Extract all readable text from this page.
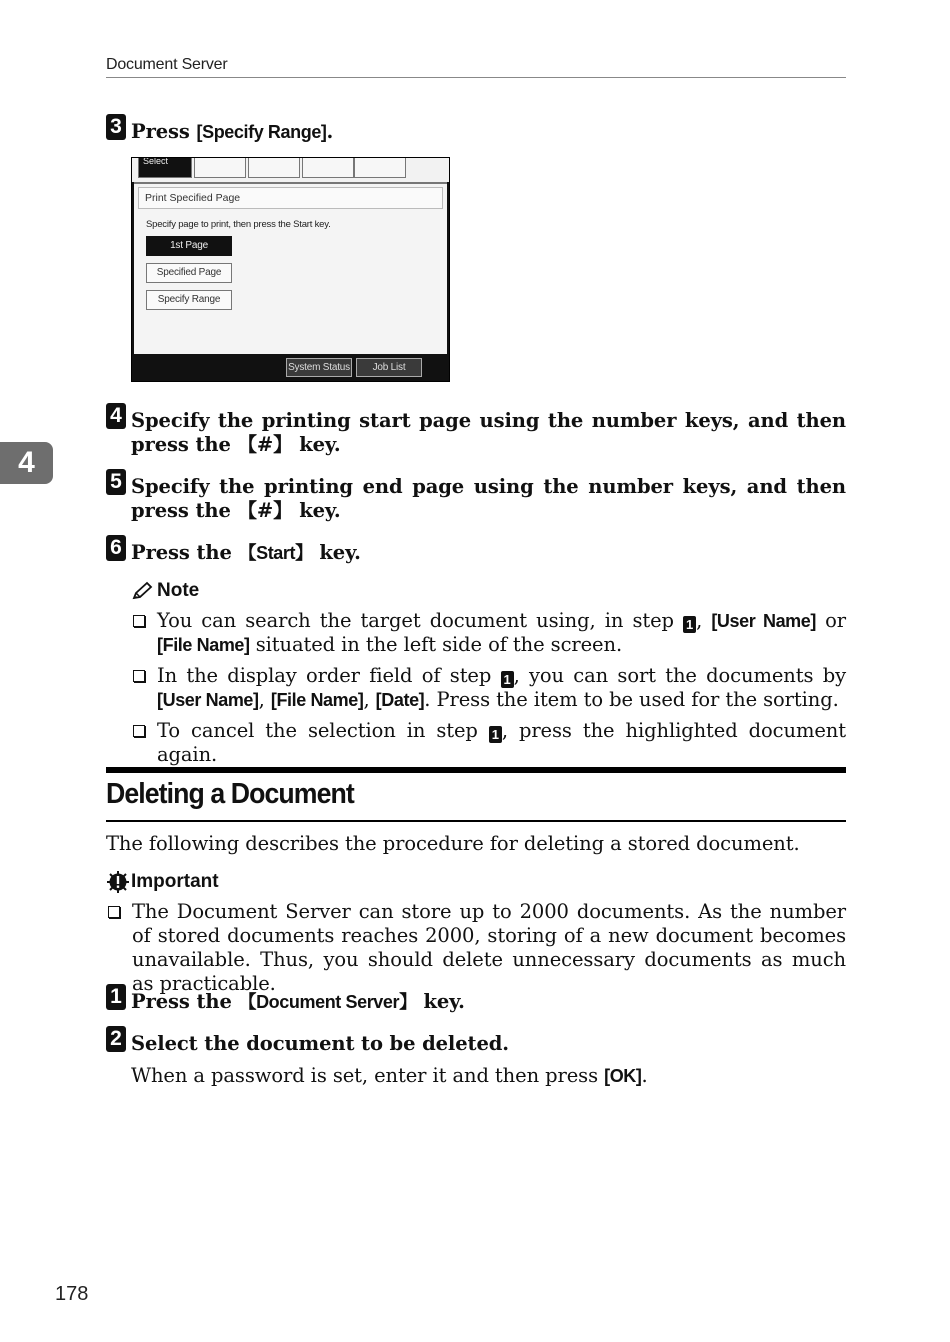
Document Server
4
3 Press [Specify Range].
Select
Print Specified Page
Specify page to print, then press the Start key.
1st Page
Specified Page
Specify Range
System Status	Job List
4 Specify the printing start page using the number keys, and then press the 【#】 key.
5 Specify the printing end page using the number keys, and then press the 【#】 key.
6 Press the 【Start】 key.
Note
You can search the target document using, in step 1 , [User Name] or [File Name] situated in the left side of the screen.
In the display order field of step 1 , you can sort the documents by [User Name], [File Name], [Date]. Press the item to be used for the sorting.
To cancel the selection in step 1 , press the highlighted document again.
Deleting a Document
The following describes the procedure for deleting a stored document.
Important
The Document Server can store up to 2000 documents. As the number of stored documents reaches 2000, storing of a new document becomes unavailable. Thus, you should delete unnecessary documents as much as practicable.
1 Press the 【Document Server】 key.
2 Select the document to be deleted.
When a password is set, enter it and then press [OK].
178
